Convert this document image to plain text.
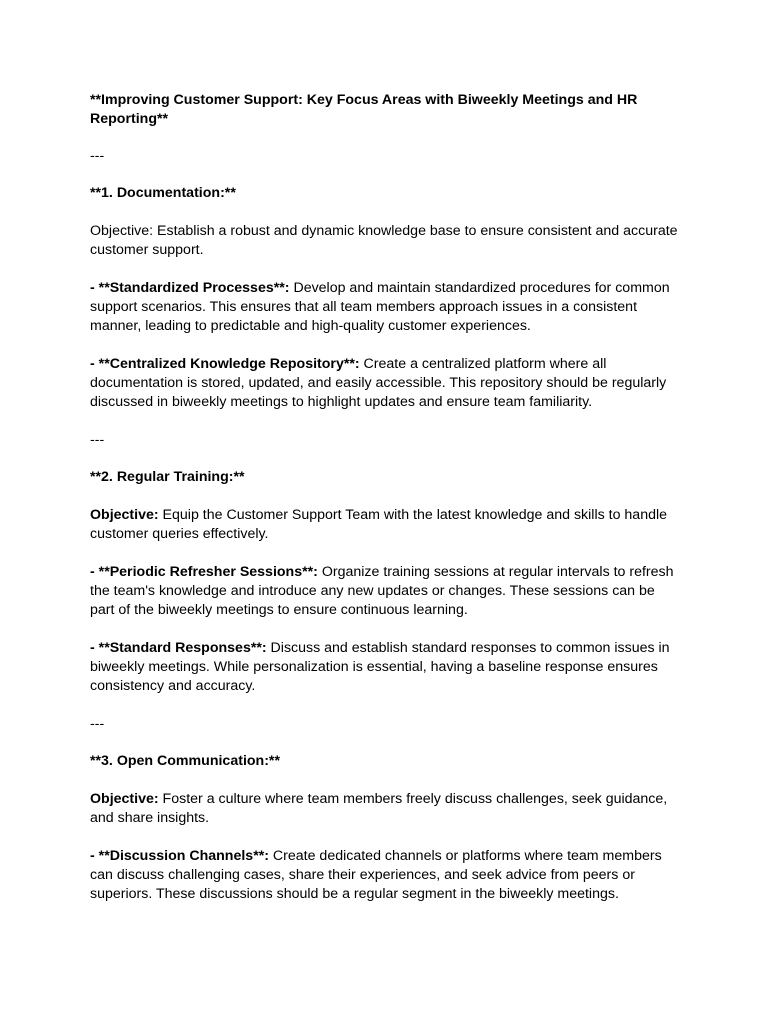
**Improving Customer Support: Key Focus Areas with Biweekly Meetings and HR Reporting**

---

**1. Documentation:**

Objective: Establish a robust and dynamic knowledge base to ensure consistent and accurate customer support.

- **Standardized Processes**: Develop and maintain standardized procedures for common support scenarios. This ensures that all team members approach issues in a consistent manner, leading to predictable and high-quality customer experiences.

- **Centralized Knowledge Repository**: Create a centralized platform where all documentation is stored, updated, and easily accessible. This repository should be regularly discussed in biweekly meetings to highlight updates and ensure team familiarity.

---

**2. Regular Training:**

Objective: Equip the Customer Support Team with the latest knowledge and skills to handle customer queries effectively.

- **Periodic Refresher Sessions**: Organize training sessions at regular intervals to refresh the team's knowledge and introduce any new updates or changes. These sessions can be part of the biweekly meetings to ensure continuous learning.

- **Standard Responses**: Discuss and establish standard responses to common issues in biweekly meetings. While personalization is essential, having a baseline response ensures consistency and accuracy.

---

**3. Open Communication:**

Objective: Foster a culture where team members freely discuss challenges, seek guidance, and share insights.

- **Discussion Channels**: Create dedicated channels or platforms where team members can discuss challenging cases, share their experiences, and seek advice from peers or superiors. These discussions should be a regular segment in the biweekly meetings.
